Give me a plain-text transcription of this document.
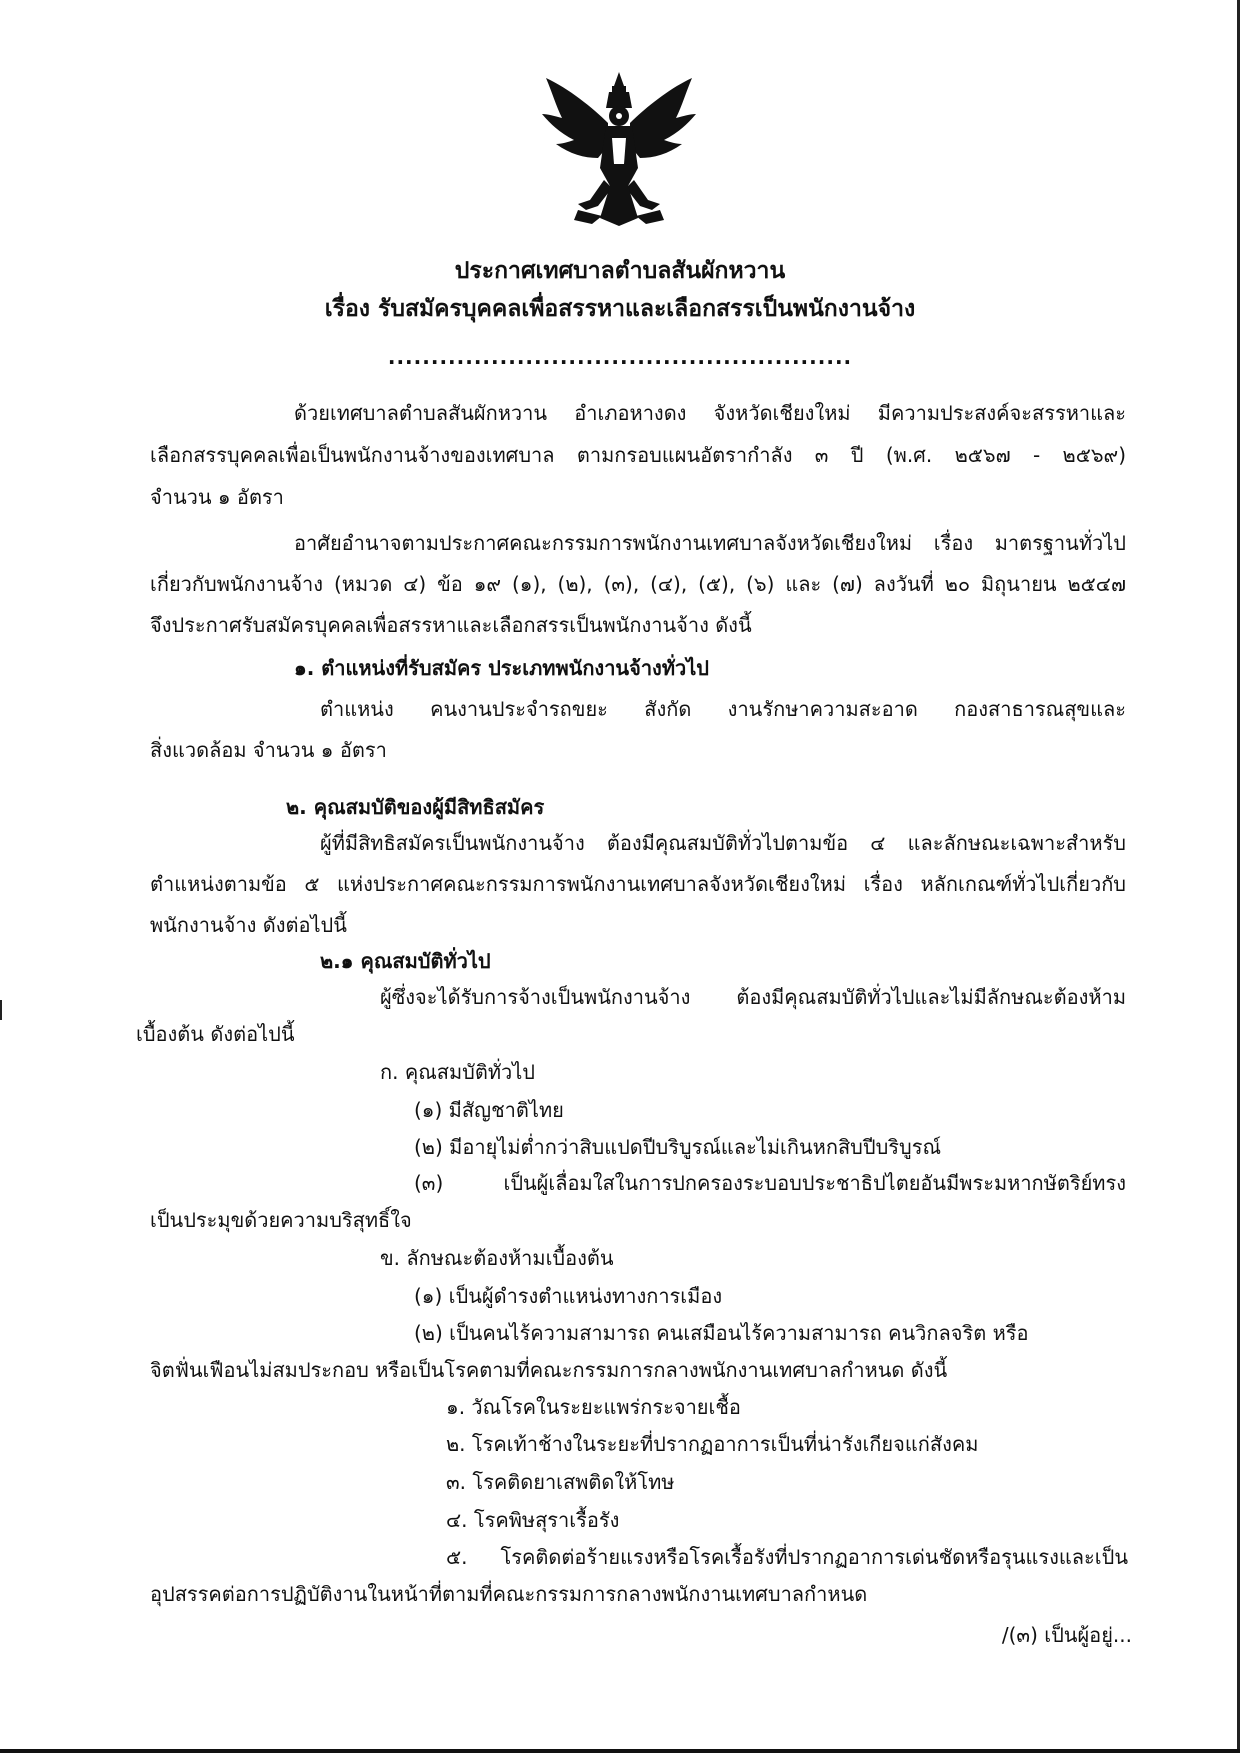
ประกาศเทศบาลตำบลสันผักหวาน
เรื่อง รับสมัครบุคคลเพื่อสรรหาและเลือกสรรเป็นพนักงานจ้าง
......................................................
ด้วยเทศบาลตำบลสันผักหวาน อำเภอหางดง จังหวัดเชียงใหม่ มีความประสงค์จะสรรหาและ
เลือกสรรบุคคลเพื่อเป็นพนักงานจ้างของเทศบาล ตามกรอบแผนอัตรากำลัง ๓ ปี (พ.ศ. ๒๕๖๗ - ๒๕๖๙)
จำนวน ๑ อัตรา
อาศัยอำนาจตามประกาศคณะกรรมการพนักงานเทศบาลจังหวัดเชียงใหม่ เรื่อง มาตรฐานทั่วไป
เกี่ยวกับพนักงานจ้าง (หมวด ๔) ข้อ ๑๙ (๑), (๒), (๓), (๔), (๕), (๖) และ (๗) ลงวันที่ ๒๐ มิถุนายน ๒๕๔๗
จึงประกาศรับสมัครบุคคลเพื่อสรรหาและเลือกสรรเป็นพนักงานจ้าง ดังนี้
๑. ตำแหน่งที่รับสมัคร ประเภทพนักงานจ้างทั่วไป
ตำแหน่ง คนงานประจำรถขยะ สังกัด งานรักษาความสะอาด กองสาธารณสุขและ
สิ่งแวดล้อม จำนวน ๑ อัตรา
๒. คุณสมบัติของผู้มีสิทธิสมัคร
ผู้ที่มีสิทธิสมัครเป็นพนักงานจ้าง ต้องมีคุณสมบัติทั่วไปตามข้อ ๔ และลักษณะเฉพาะสำหรับ
ตำแหน่งตามข้อ ๕ แห่งประกาศคณะกรรมการพนักงานเทศบาลจังหวัดเชียงใหม่ เรื่อง หลักเกณฑ์ทั่วไปเกี่ยวกับ
พนักงานจ้าง ดังต่อไปนี้
๒.๑ คุณสมบัติทั่วไป
ผู้ซึ่งจะได้รับการจ้างเป็นพนักงานจ้าง ต้องมีคุณสมบัติทั่วไปและไม่มีลักษณะต้องห้าม
เบื้องต้น ดังต่อไปนี้
ก. คุณสมบัติทั่วไป
(๑) มีสัญชาติไทย
(๒) มีอายุไม่ต่ำกว่าสิบแปดปีบริบูรณ์และไม่เกินหกสิบปีบริบูรณ์
(๓) เป็นผู้เลื่อมใสในการปกครองระบอบประชาธิปไตยอันมีพระมหากษัตริย์ทรง
เป็นประมุขด้วยความบริสุทธิ์ใจ
ข. ลักษณะต้องห้ามเบื้องต้น
(๑) เป็นผู้ดำรงตำแหน่งทางการเมือง
(๒) เป็นคนไร้ความสามารถ คนเสมือนไร้ความสามารถ คนวิกลจริต หรือ
จิตฟั่นเฟือนไม่สมประกอบ หรือเป็นโรคตามที่คณะกรรมการกลางพนักงานเทศบาลกำหนด ดังนี้
๑. วัณโรคในระยะแพร่กระจายเชื้อ
๒. โรคเท้าช้างในระยะที่ปรากฏอาการเป็นที่น่ารังเกียจแก่สังคม
๓. โรคติดยาเสพติดให้โทษ
๔. โรคพิษสุราเรื้อรัง
๕. โรคติดต่อร้ายแรงหรือโรคเรื้อรังที่ปรากฏอาการเด่นชัดหรือรุนแรงและเป็น
อุปสรรคต่อการปฏิบัติงานในหน้าที่ตามที่คณะกรรมการกลางพนักงานเทศบาลกำหนด
/(๓) เป็นผู้อยู่...
